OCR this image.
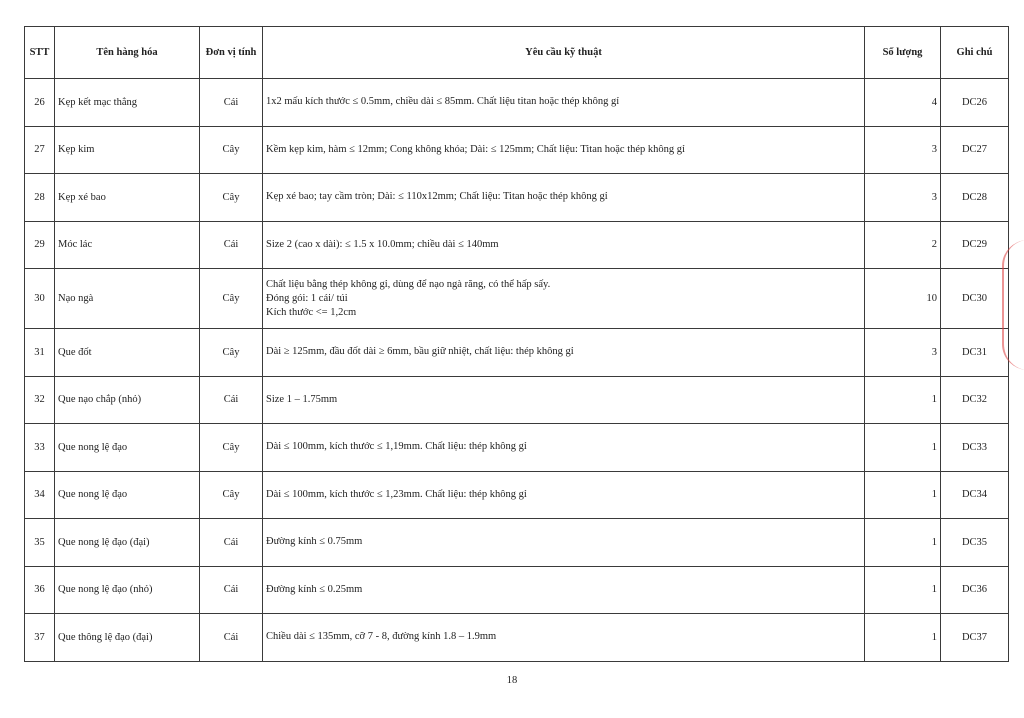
STT	Tên hàng hóa	Đơn vị tính	Yêu cầu kỹ thuật	Số lượng	Ghi chú
26	Kẹp kết mạc thẳng	Cái	1x2 mấu kích thước ≤ 0.5mm, chiều dài ≤ 85mm. Chất liệu titan hoặc thép không gỉ	4	DC26
27	Kẹp kim	Cây	Kềm kẹp kim, hàm ≤ 12mm; Cong không khóa; Dài: ≤ 125mm; Chất liệu: Titan hoặc thép không gỉ	3	DC27
28	Kẹp xé bao	Cây	Kẹp xé bao; tay cầm tròn; Dài: ≤ 110x12mm; Chất liệu: Titan hoặc thép không gỉ	3	DC28
29	Móc lác	Cái	Size 2 (cao x dài): ≤ 1.5 x 10.0mm; chiều dài ≤ 140mm	2	DC29
30	Nạo ngà	Cây	Chất liệu bằng thép không gỉ, dùng để nạo ngà răng, có thể hấp sấy.
Đóng gói: 1 cái/ túi
Kích thước <= 1,2cm	10	DC30
31	Que đốt	Cây	Dài ≥ 125mm, đầu đốt dài ≥ 6mm, bầu giữ nhiệt, chất liệu: thép không gỉ	3	DC31
32	Que nạo chắp (nhỏ)	Cái	Size 1 – 1.75mm	1	DC32
33	Que nong lệ đạo	Cây	Dài ≤ 100mm, kích thước ≤ 1,19mm. Chất liệu: thép không gỉ	1	DC33
34	Que nong lệ đạo	Cây	Dài ≤ 100mm, kích thước ≤ 1,23mm. Chất liệu: thép không gỉ	1	DC34
35	Que nong lệ đạo (đại)	Cái	Đường kính ≤ 0.75mm	1	DC35
36	Que nong lệ đạo (nhỏ)	Cái	Đường kính ≤ 0.25mm	1	DC36
37	Que thông lệ đạo (đại)	Cái	Chiều dài ≤ 135mm, cỡ 7 - 8, đường kính 1.8 – 1.9mm	1	DC37
18
